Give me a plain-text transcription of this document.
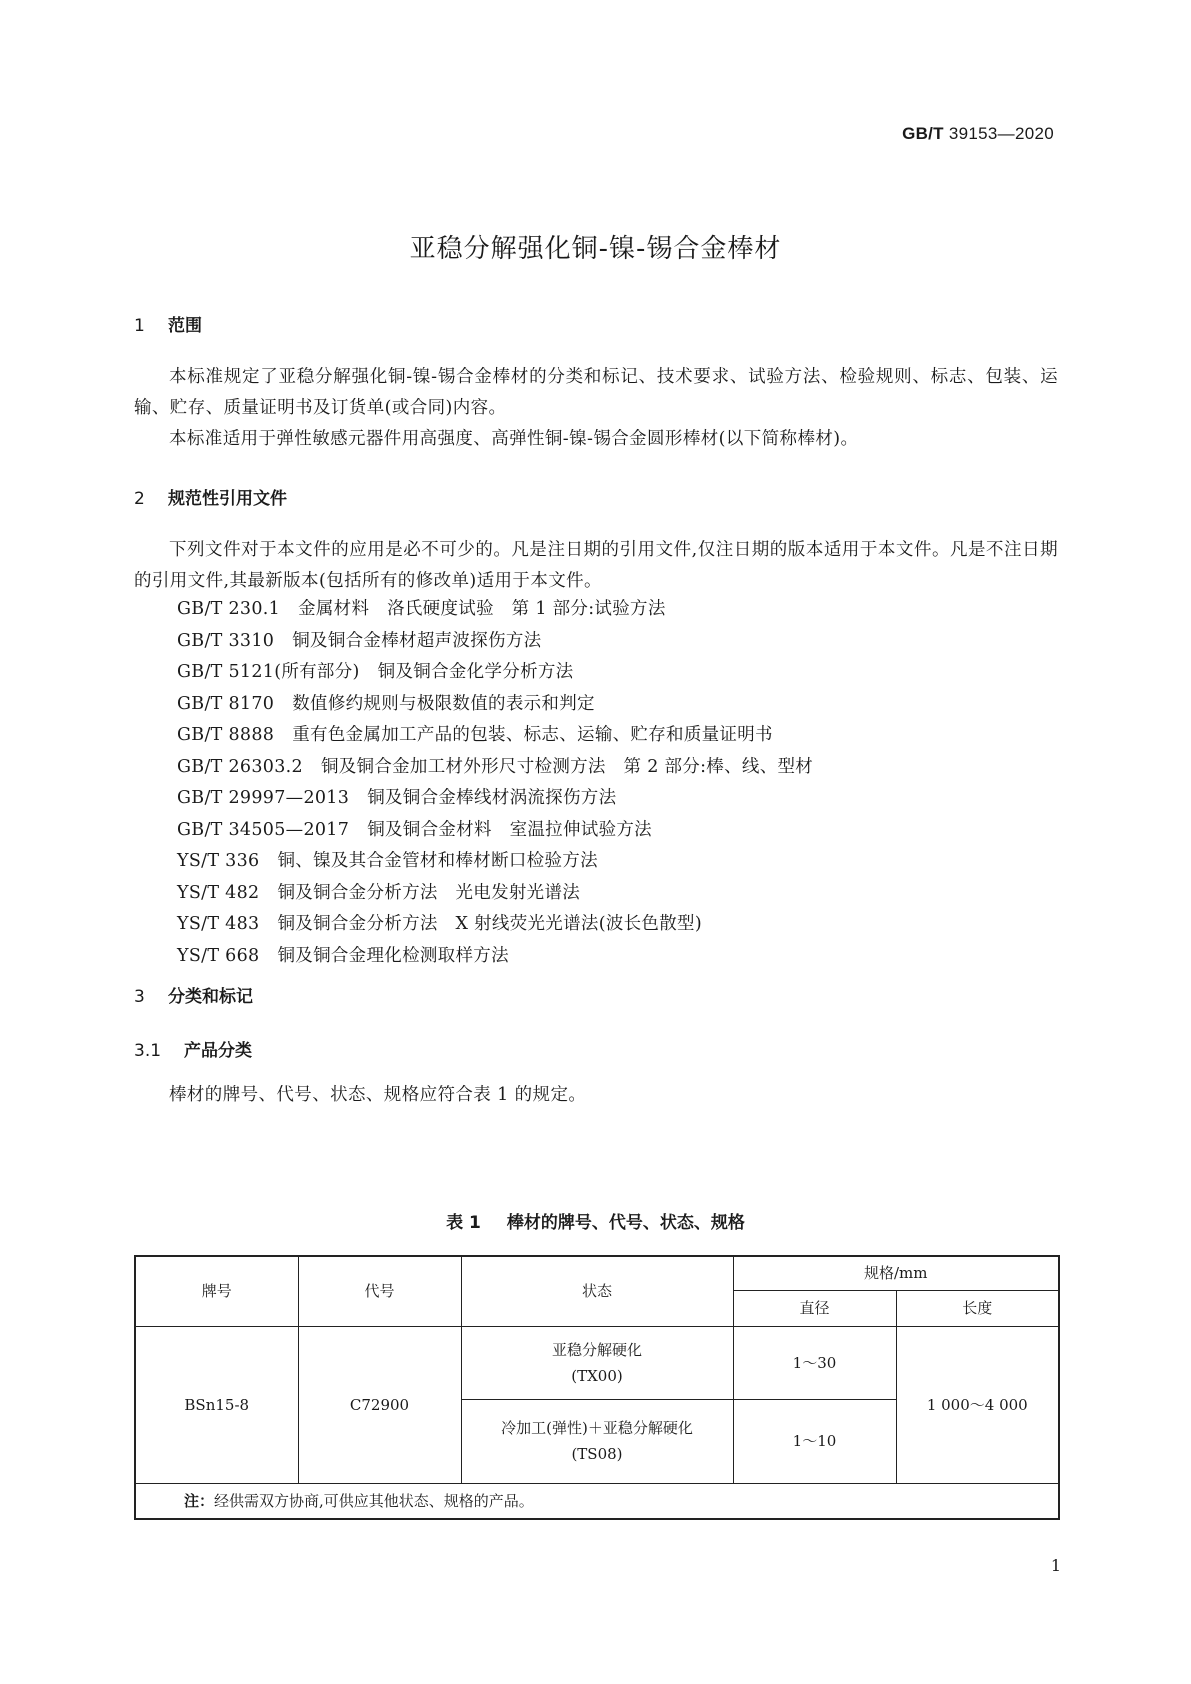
GB/T 39153—2020
亚稳分解强化铜-镍-锡合金棒材
1 范围

本标准规定了亚稳分解强化铜-镍-锡合金棒材的分类和标记、技术要求、试验方法、检验规则、标志、包装、运输、贮存、质量证明书及订货单(或合同)内容。

本标准适用于弹性敏感元器件用高强度、高弹性铜-镍-锡合金圆形棒材(以下简称棒材)。

2 规范性引用文件

下列文件对于本文件的应用是必不可少的。凡是注日期的引用文件,仅注日期的版本适用于本文件。凡是不注日期的引用文件,其最新版本(包括所有的修改单)适用于本文件。

GB/T 230.1 金属材料　洛氏硬度试验　第 1 部分:试验方法
GB/T 3310 铜及铜合金棒材超声波探伤方法
GB/T 5121(所有部分) 铜及铜合金化学分析方法
GB/T 8170 数值修约规则与极限数值的表示和判定
GB/T 8888 重有色金属加工产品的包装、标志、运输、贮存和质量证明书
GB/T 26303.2 铜及铜合金加工材外形尺寸检测方法　第 2 部分:棒、线、型材
GB/T 29997—2013 铜及铜合金棒线材涡流探伤方法
GB/T 34505—2017 铜及铜合金材料　室温拉伸试验方法
YS/T 336 铜、镍及其合金管材和棒材断口检验方法
YS/T 482 铜及铜合金分析方法　光电发射光谱法
YS/T 483 铜及铜合金分析方法　X 射线荧光光谱法(波长色散型)
YS/T 668 铜及铜合金理化检测取样方法
3 分类和标记
3.1 产品分类

棒材的牌号、代号、状态、规格应符合表 1 的规定。

表 1 棒材的牌号、代号、状态、规格
牌号	代号	状态	规格/mm	
			直径	长度
BSn15-8	C72900	亚稳分解硬化
(TX00)	1～30	1 000～4 000

		冷加工(弹性)＋亚稳分解硬化
(TS08)	1～10	
注：经供需双方协商,可供应其他状态、规格的产品。				
1
